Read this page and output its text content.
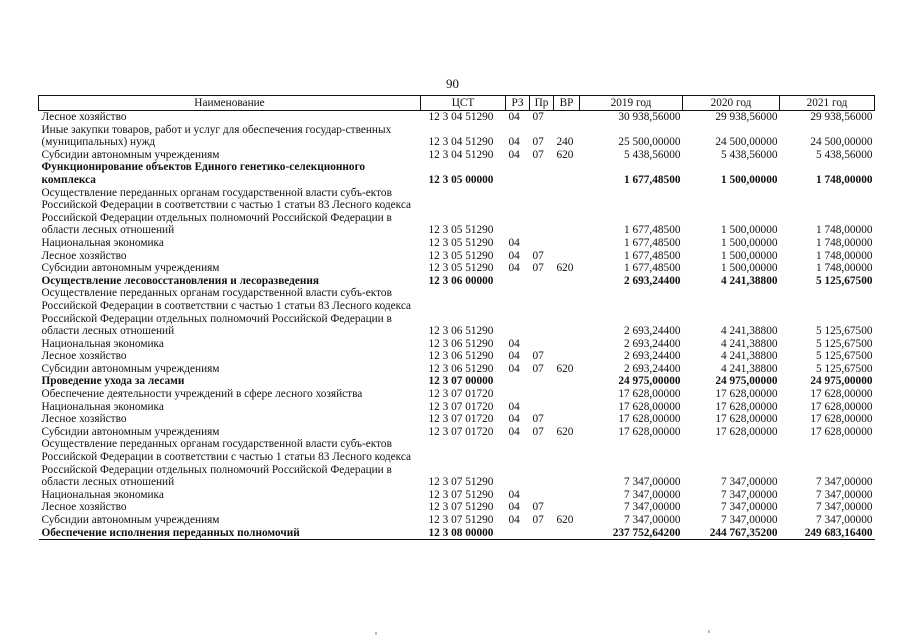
90
Наименование	ЦСТ	РЗ	Пр	ВР	2019 год	2020 год	2021 год
Лесное хозяйство	12 3 04 51290	04	07		30 938,56000	29 938,56000	29 938,56000
Иные закупки товаров, работ и услуг для обеспечения государ-ственных (муниципальных) нужд	12 3 04 51290	04	07	240	25 500,00000	24 500,00000	24 500,00000
Субсидии автономным учреждениям	12 3 04 51290	04	07	620	5 438,56000	5 438,56000	5 438,56000
Функционирование объектов Единого генетико-селекционного комплекса	12 3 05 00000				1 677,48500	1 500,00000	1 748,00000
Осуществление переданных органам государственной власти субъ-ектов Российской Федерации в соответствии с частью 1 статьи 83 Лесного кодекса Российской Федерации отдельных полномочий Российской Федерации в области лесных отношений	12 3 05 51290				1 677,48500	1 500,00000	1 748,00000
Национальная экономика	12 3 05 51290	04			1 677,48500	1 500,00000	1 748,00000
Лесное хозяйство	12 3 05 51290	04	07		1 677,48500	1 500,00000	1 748,00000
Субсидии автономным учреждениям	12 3 05 51290	04	07	620	1 677,48500	1 500,00000	1 748,00000
Осуществление лесовосстановления и лесоразведения	12 3 06 00000				2 693,24400	4 241,38800	5 125,67500
Осуществление переданных органам государственной власти субъ-ектов Российской Федерации в соответствии с частью 1 статьи 83 Лесного кодекса Российской Федерации отдельных полномочий Российской Федерации в области лесных отношений	12 3 06 51290				2 693,24400	4 241,38800	5 125,67500
Национальная экономика	12 3 06 51290	04			2 693,24400	4 241,38800	5 125,67500
Лесное хозяйство	12 3 06 51290	04	07		2 693,24400	4 241,38800	5 125,67500
Субсидии автономным учреждениям	12 3 06 51290	04	07	620	2 693,24400	4 241,38800	5 125,67500
Проведение ухода за лесами	12 3 07 00000				24 975,00000	24 975,00000	24 975,00000
Обеспечение деятельности учреждений в сфере лесного хозяйства	12 3 07 01720				17 628,00000	17 628,00000	17 628,00000
Национальная экономика	12 3 07 01720	04			17 628,00000	17 628,00000	17 628,00000
Лесное хозяйство	12 3 07 01720	04	07		17 628,00000	17 628,00000	17 628,00000
Субсидии автономным учреждениям	12 3 07 01720	04	07	620	17 628,00000	17 628,00000	17 628,00000
Осуществление переданных органам государственной власти субъ-ектов Российской Федерации в соответствии с частью 1 статьи 83 Лесного кодекса Российской Федерации отдельных полномочий Российской Федерации в области лесных отношений	12 3 07 51290				7 347,00000	7 347,00000	7 347,00000
Национальная экономика	12 3 07 51290	04			7 347,00000	7 347,00000	7 347,00000
Лесное хозяйство	12 3 07 51290	04	07		7 347,00000	7 347,00000	7 347,00000
Субсидии автономным учреждениям	12 3 07 51290	04	07	620	7 347,00000	7 347,00000	7 347,00000
Обеспечение исполнения переданных полномочий	12 3 08 00000				237 752,64200	244 767,35200	249 683,16400
